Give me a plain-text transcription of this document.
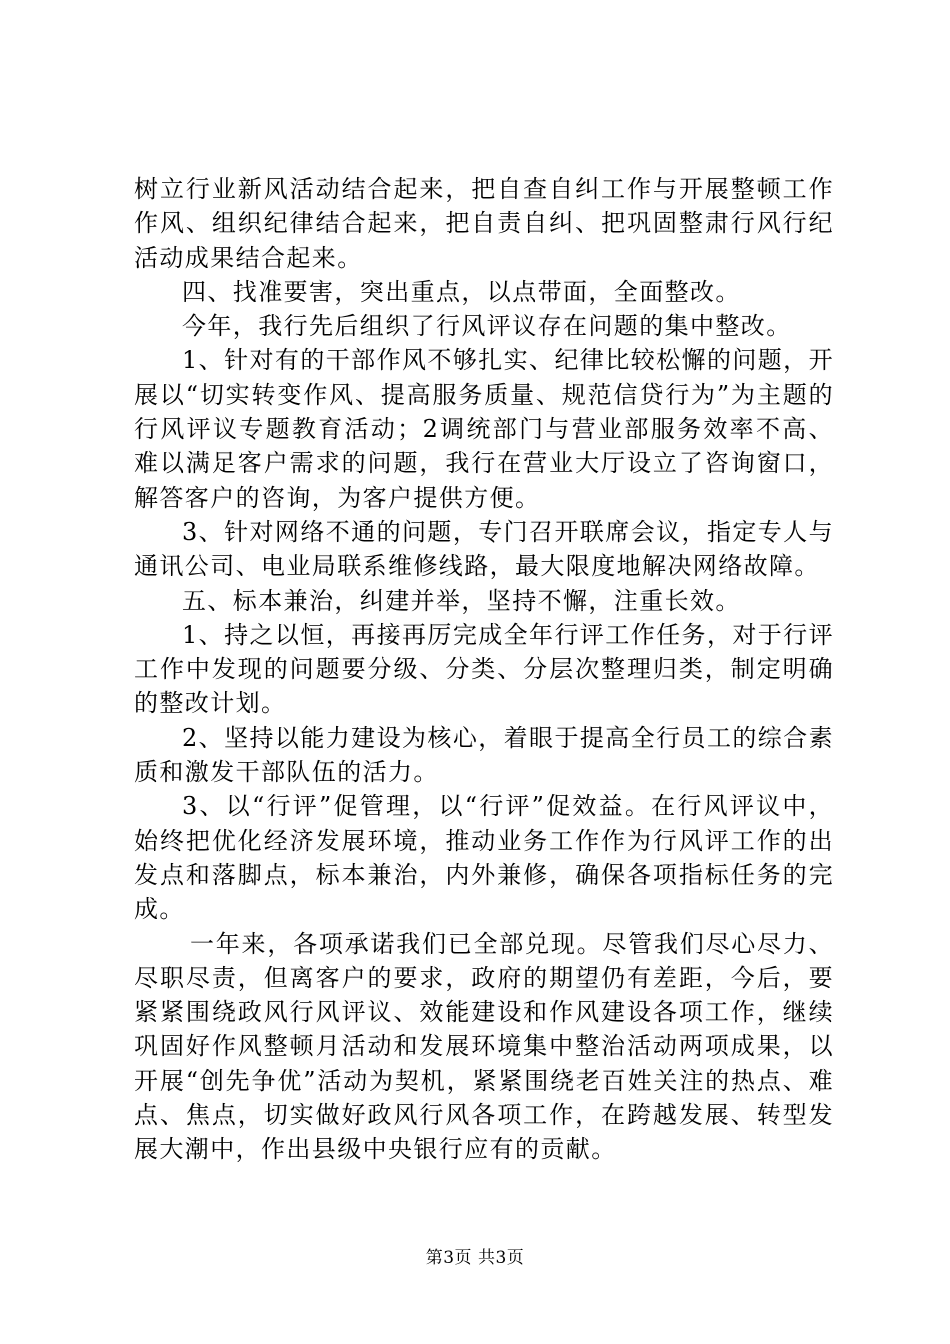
树立行业新风活动结合起来，把自查自纠工作与开展整顿工作作风、组织纪律结合起来，把自责自纠、把巩固整肃行风行纪活动成果结合起来。

四、找准要害，突出重点，以点带面，全面整改。

今年，我行先后组织了行风评议存在问题的集中整改。

1、针对有的干部作风不够扎实、纪律比较松懈的问题，开展以“切实转变作风、提高服务质量、规范信贷行为”为主题的行风评议专题教育活动；2调统部门与营业部服务效率不高、难以满足客户需求的问题，我行在营业大厅设立了咨询窗口，解答客户的咨询，为客户提供方便。

3、针对网络不通的问题，专门召开联席会议，指定专人与通讯公司、电业局联系维修线路，最大限度地解决网络故障。

五、标本兼治，纠建并举，坚持不懈，注重长效。

1、持之以恒，再接再厉完成全年行评工作任务，对于行评工作中发现的问题要分级、分类、分层次整理归类，制定明确的整改计划。

2、坚持以能力建设为核心，着眼于提高全行员工的综合素质和激发干部队伍的活力。

3、以“行评”促管理，以“行评”促效益。在行风评议中，始终把优化经济发展环境，推动业务工作作为行风评工作的出发点和落脚点，标本兼治，内外兼修，确保各项指标任务的完成。

一年来，各项承诺我们已全部兑现。尽管我们尽心尽力、尽职尽责，但离客户的要求，政府的期望仍有差距，今后，要紧紧围绕政风行风评议、效能建设和作风建设各项工作，继续巩固好作风整顿月活动和发展环境集中整治活动两项成果，以开展“创先争优”活动为契机，紧紧围绕老百姓关注的热点、难点、焦点，切实做好政风行风各项工作，在跨越发展、转型发展大潮中，作出县级中央银行应有的贡献。

第3页 共3页
